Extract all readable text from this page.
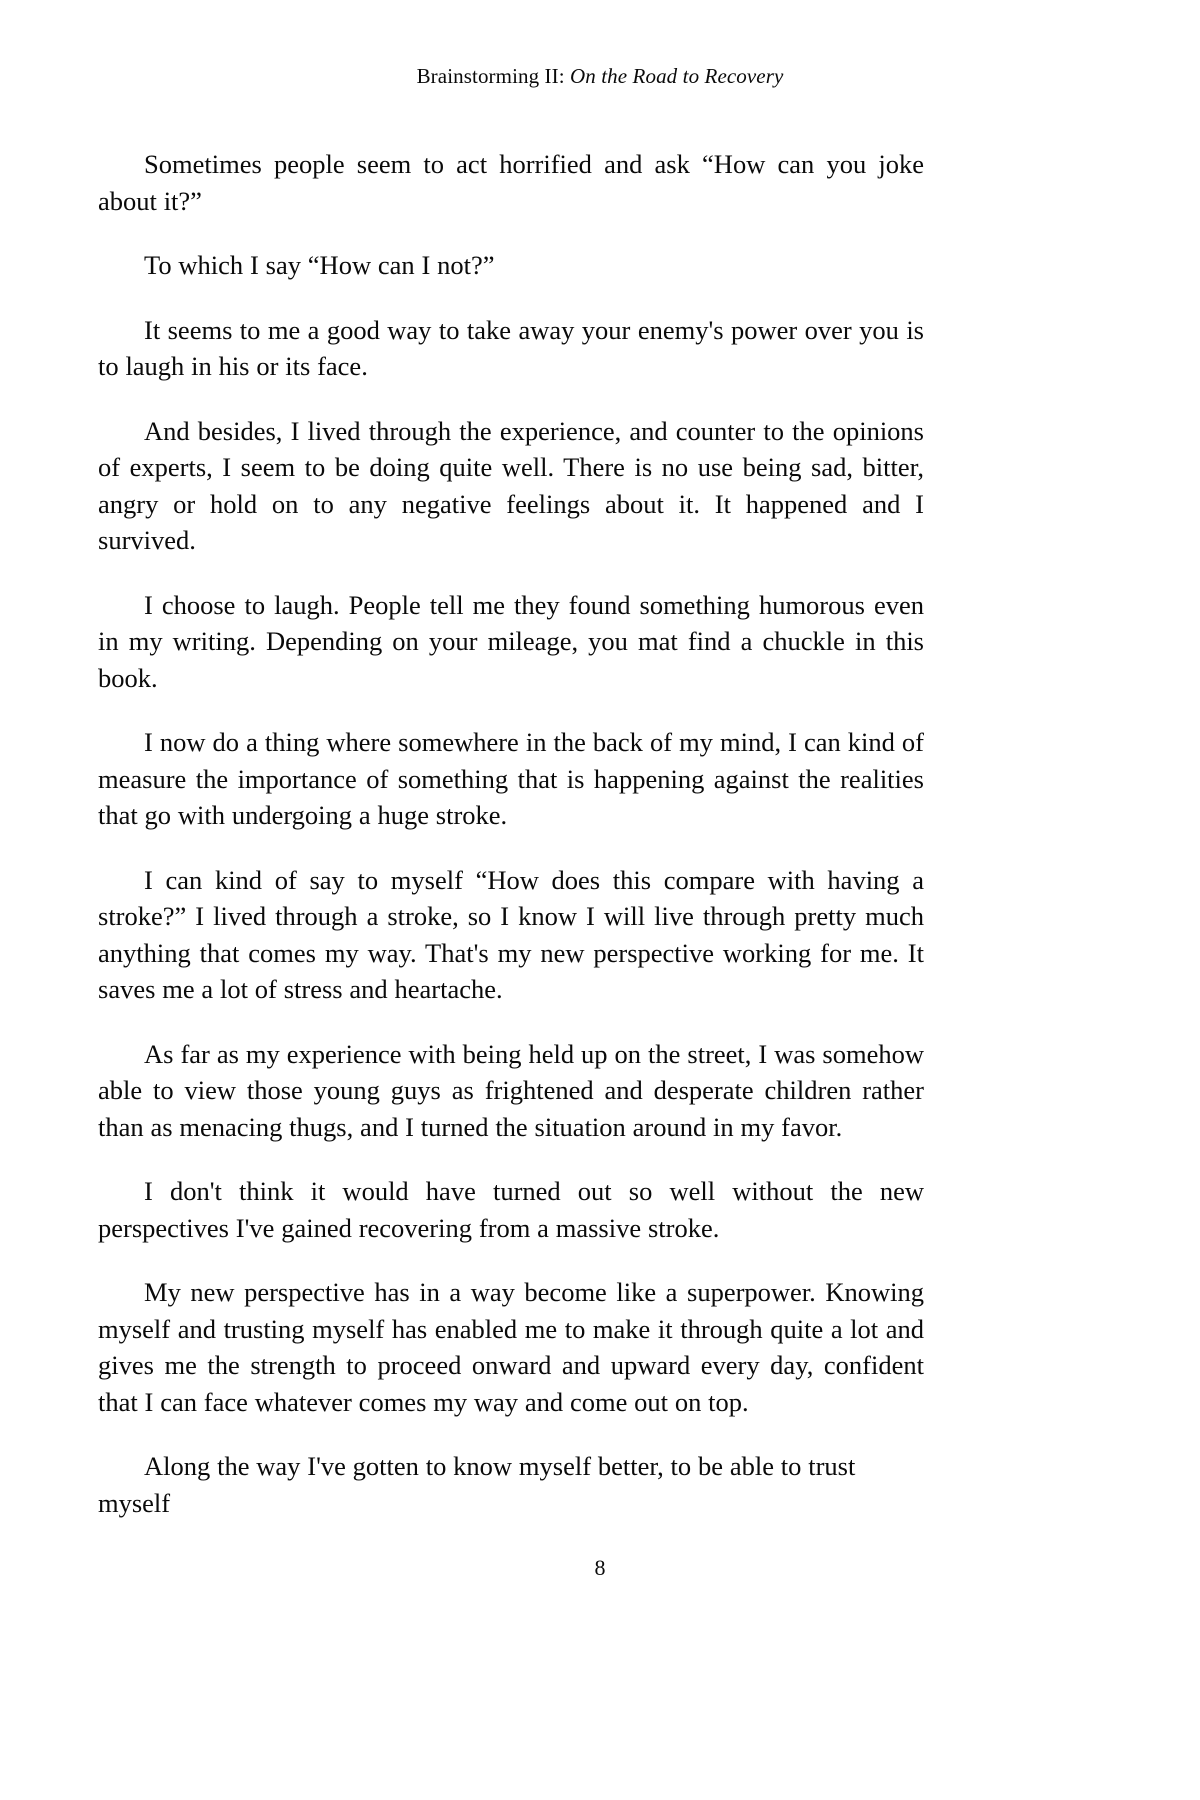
Brainstorming II: On the Road to Recovery

Sometimes people seem to act horrified and ask “How can you joke about it?”

To which I say “How can I not?”

It seems to me a good way to take away your enemy's power over you is to laugh in his or its face.

And besides, I lived through the experience, and counter to the opinions of experts, I seem to be doing quite well. There is no use being sad, bitter, angry or hold on to any negative feelings about it. It happened and I survived.

I choose to laugh. People tell me they found something humorous even in my writing. Depending on your mileage, you mat find a chuckle in this book.

I now do a thing where somewhere in the back of my mind, I can kind of measure the importance of something that is happening against the realities that go with undergoing a huge stroke.

I can kind of say to myself “How does this compare with having a stroke?” I lived through a stroke, so I know I will live through pretty much anything that comes my way. That's my new perspective working for me. It saves me a lot of stress and heartache.

As far as my experience with being held up on the street, I was somehow able to view those young guys as frightened and desperate children rather than as menacing thugs, and I turned the situation around in my favor.

I don't think it would have turned out so well without the new perspectives I've gained recovering from a massive stroke.

My new perspective has in a way become like a superpower. Knowing myself and trusting myself has enabled me to make it through quite a lot and gives me the strength to proceed onward and upward every day, confident that I can face whatever comes my way and come out on top.

Along the way I've gotten to know myself better, to be able to trust myself

8
